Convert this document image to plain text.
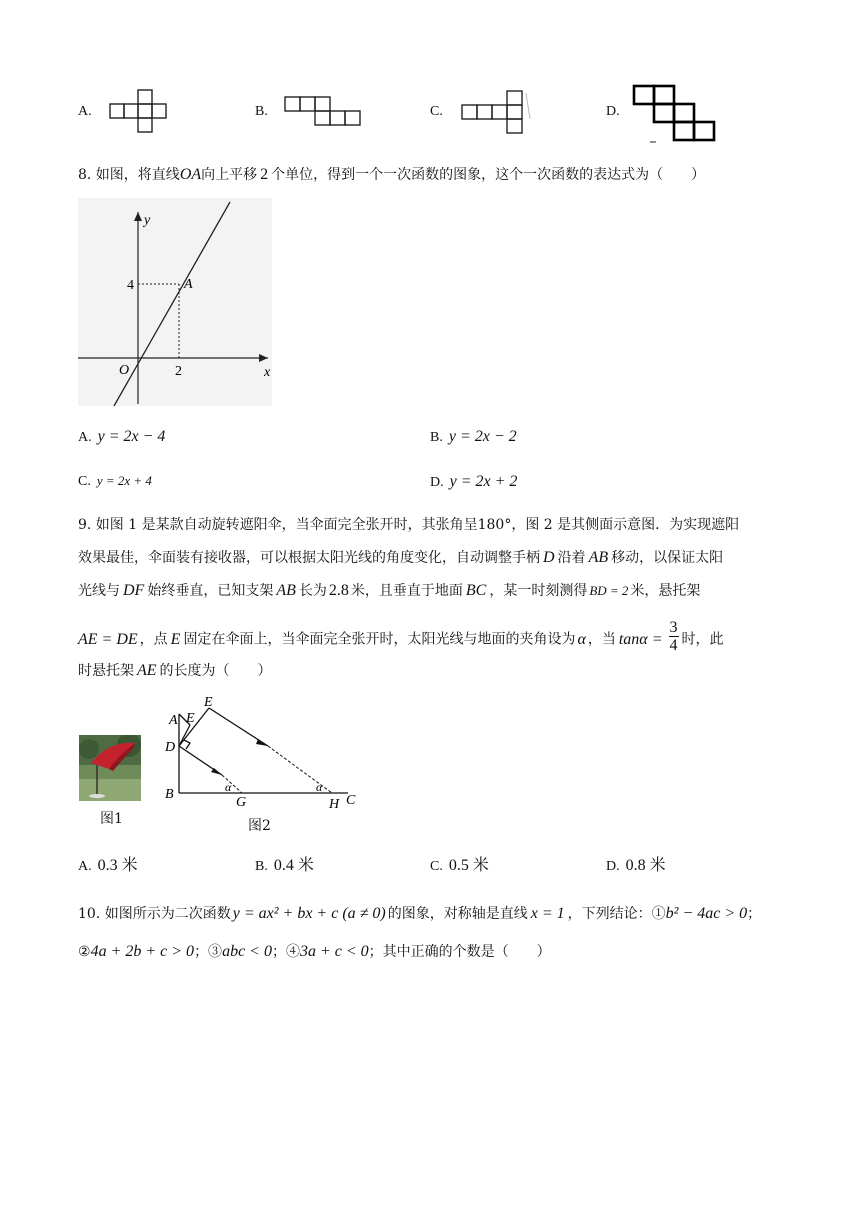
A.	B.	C.	D.
8. 如图，将直线OA向上平移 2 个单位，得到一个一次函数的图象，这个一次函数的表达式为（　　）
y
x
O
A
4
2
A. y = 2x − 4	B. y = 2x − 2
C. y = 2x + 4	D. y = 2x + 2
9. 如图 1 是某款自动旋转遮阳伞，当伞面完全张开时，其张角呈180°，图 2 是其侧面示意图．为实现遮阳
效果最佳，伞面装有接收器，可以根据太阳光线的角度变化，自动调整手柄 D 沿着 AB 移动，以保证太阳
光线与 DF 始终垂直，已知支架 AB 长为 2.8 米，且垂直于地面 BC ，某一时刻测得 BD = 2 米，悬托架
AE = DE ，点 E 固定在伞面上，当伞面完全张开时，太阳光线与地面的夹角设为 α ，当 $\tan\alpha = \frac{3}{4}$ 时，此
时悬托架 AE 的长度为（　　）
图1
A E
E
D
B
G	H C
α	α
图2
A. 0.3 米	B. 0.4 米	C. 0.5 米	D. 0.8 米
10. 如图所示为二次函数 y = ax² + bx + c (a ≠ 0) 的图象，对称轴是直线 x = 1 ，下列结论：①b² − 4ac > 0；
②4a + 2b + c > 0；③abc < 0；④3a + c < 0；其中正确的个数是（　　）
